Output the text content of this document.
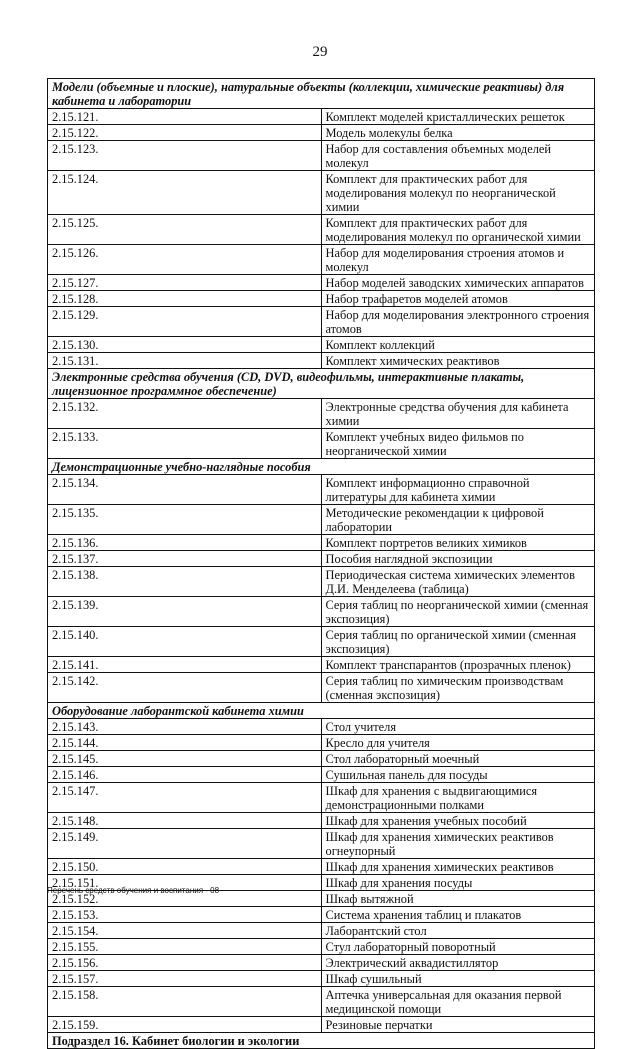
29
Модели (объемные и плоские), натуральные объекты (коллекции, химические реактивы) для кабинета и лаборатории	
2.15.121.	Комплект моделей кристаллических решеток
2.15.122.	Модель молекулы белка
2.15.123.	Набор для составления объемных моделей молекул
2.15.124.	Комплект для практических работ для моделирования молекул по неорганической химии
2.15.125.	Комплект для практических работ для моделирования молекул по органической химии
2.15.126.	Набор для моделирования строения атомов и молекул
2.15.127.	Набор моделей заводских химических аппаратов
2.15.128.	Набор трафаретов моделей атомов
2.15.129.	Набор для моделирования электронного строения атомов
2.15.130.	Комплект коллекций
2.15.131.	Комплект химических реактивов
Электронные средства обучения (CD, DVD, видеофильмы, интерактивные плакаты, лицензионное программное обеспечение)	
2.15.132.	Электронные средства обучения для кабинета химии
2.15.133.	Комплект учебных видео фильмов по неорганической химии
Демонстрационные учебно-наглядные пособия	
2.15.134.	Комплект информационно справочной литературы для кабинета химии
2.15.135.	Методические рекомендации к цифровой лаборатории
2.15.136.	Комплект портретов великих химиков
2.15.137.	Пособия наглядной экспозиции
2.15.138.	Периодическая система химических элементов Д.И. Менделеева (таблица)
2.15.139.	Серия таблиц по неорганической химии (сменная экспозиция)
2.15.140.	Серия таблиц по органической химии (сменная экспозиция)
2.15.141.	Комплект транспарантов (прозрачных пленок)
2.15.142.	Серия таблиц по химическим производствам (сменная экспозиция)
Оборудование лаборантской кабинета химии	
2.15.143.	Стол учителя
2.15.144.	Кресло для учителя
2.15.145.	Стол лабораторный моечный
2.15.146.	Сушильная панель для посуды
2.15.147.	Шкаф для хранения с выдвигающимися демонстрационными полками
2.15.148.	Шкаф для хранения учебных пособий
2.15.149.	Шкаф для хранения химических реактивов огнеупорный
2.15.150.	Шкаф для хранения химических реактивов
2.15.151.	Шкаф для хранения посуды
2.15.152.	Шкаф вытяжной
2.15.153.	Система хранения таблиц и плакатов
2.15.154.	Лаборантский стол
2.15.155.	Стул лабораторный поворотный
2.15.156.	Электрический аквадистиллятор
2.15.157.	Шкаф сушильный
2.15.158.	Аптечка универсальная для оказания первой медицинской помощи
2.15.159.	Резиновые перчатки
Подраздел 16. Кабинет биологии и экологии	
Перечень средств обучения и воспитания - 08
